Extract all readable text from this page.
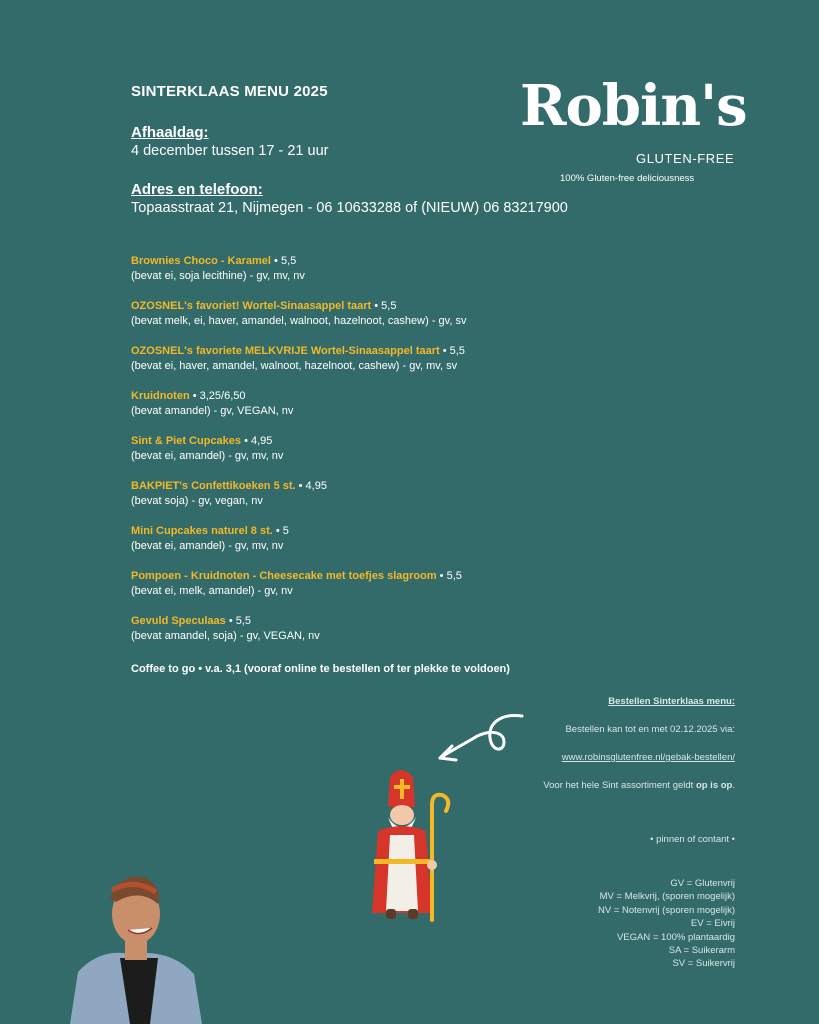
SINTERKLAAS MENU 2025
Afhaaldag :
4 december tussen 17 - 21 uur
Adres en telefoon :
Topaasstraat 21, Nijmegen - 06 10633288 of (NIEUW) 06 83217900
Robin's
GLUTEN-FREE
100% Gluten-free deliciousness
Brownies Choco - Karamel • 5,5
(bevat ei, soja lecithine) - gv, mv, nv
OZOSNEL's favoriet! Wortel-Sinaasappel taart • 5,5
(bevat melk, ei, haver, amandel, walnoot, hazelnoot, cashew) - gv, sv
OZOSNEL's favoriete MELKVRIJE Wortel-Sinaasappel taart • 5,5
(bevat ei, haver, amandel, walnoot, hazelnoot, cashew) - gv, mv, sv
Kruidnoten • 3,25/6,50
(bevat amandel) - gv, VEGAN, nv
Sint & Piet Cupcakes • 4,95
(bevat ei, amandel) - gv, mv, nv
BAKPIET's Confettikoeken 5 st. • 4,95
(bevat soja) - gv, vegan, nv
Mini Cupcakes naturel 8 st. • 5
(bevat ei, amandel) - gv, mv, nv
Pompoen - Kruidnoten - Cheesecake met toefjes slagroom • 5,5
(bevat ei, melk, amandel) - gv, nv
Gevuld Speculaas • 5,5
(bevat amandel, soja) - gv, VEGAN, nv
Coffee to go • v.a. 3,1 (vooraf online te bestellen of ter plekke te voldoen)
Bestellen Sinterklaas menu :
Bestellen kan tot en met 02.12.2025 via:
www.robinsglutenfree.nl/gebak-bestellen/
Voor het hele Sint assortiment geldt op is op.
• pinnen of contant •
GV = Glutenvrij
MV = Melkvrij, (sporen mogelijk)
NV = Notenvrij (sporen mogelijk)
EV = Eivrij
VEGAN = 100% plantaardig
SA = Suikerarm
SV = Suikervrij
